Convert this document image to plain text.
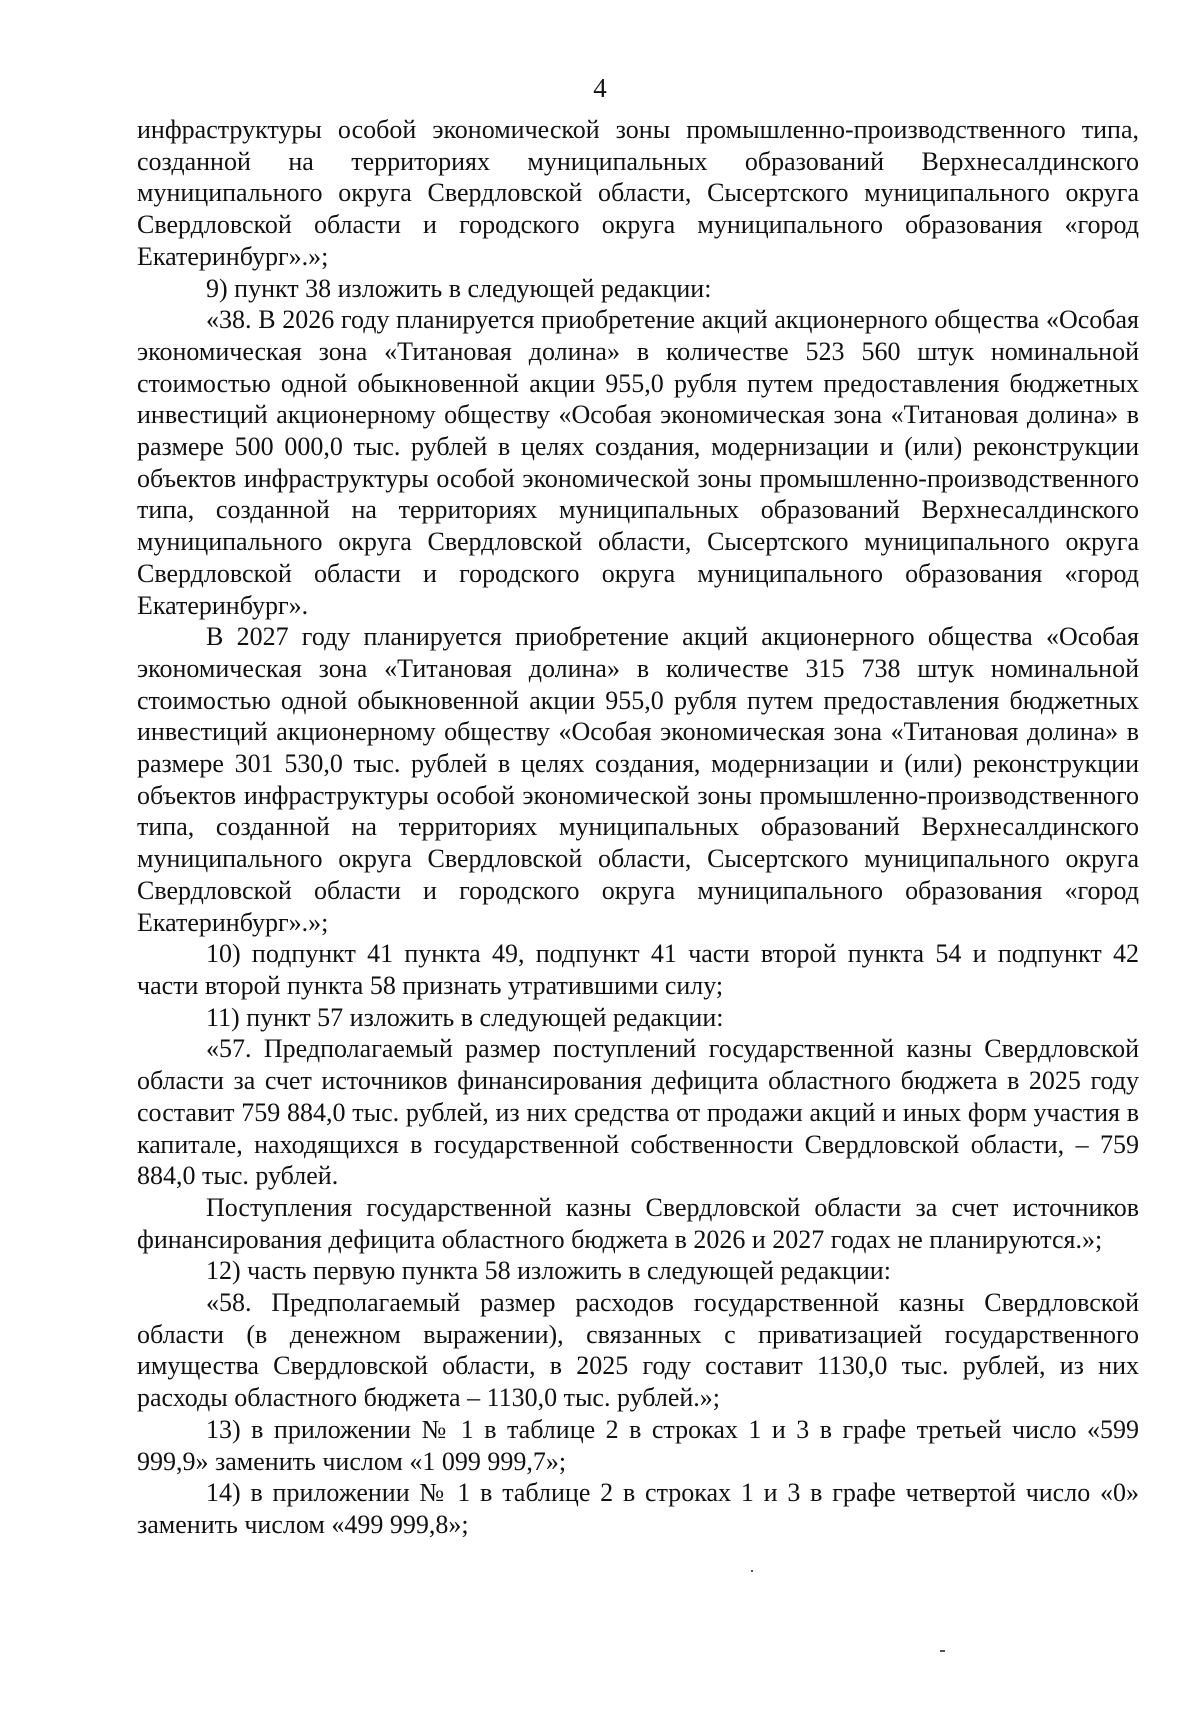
4

инфраструктуры особой экономической зоны промышленно-производственного типа, созданной на территориях муниципальных образований Верхнесалдинского муниципального округа Свердловской области, Сысертского муниципального округа Свердловской области и городского округа муниципального образования «город Екатеринбург».»;

9) пункт 38 изложить в следующей редакции:

«38. В 2026 году планируется приобретение акций акционерного общества «Особая экономическая зона «Титановая долина» в количестве 523 560 штук номинальной стоимостью одной обыкновенной акции 955,0 рубля путем предоставления бюджетных инвестиций акционерному обществу «Особая экономическая зона «Титановая долина» в размере 500 000,0 тыс. рублей в целях создания, модернизации и (или) реконструкции объектов инфраструктуры особой экономической зоны промышленно-производственного типа, созданной на территориях муниципальных образований Верхнесалдинского муниципального округа Свердловской области, Сысертского муниципального округа Свердловской области и городского округа муниципального образования «город Екатеринбург».

В 2027 году планируется приобретение акций акционерного общества «Особая экономическая зона «Титановая долина» в количестве 315 738 штук номинальной стоимостью одной обыкновенной акции 955,0 рубля путем предоставления бюджетных инвестиций акционерному обществу «Особая экономическая зона «Титановая долина» в размере 301 530,0 тыс. рублей в целях создания, модернизации и (или) реконструкции объектов инфраструктуры особой экономической зоны промышленно-производственного типа, созданной на территориях муниципальных образований Верхнесалдинского муниципального округа Свердловской области, Сысертского муниципального округа Свердловской области и городского округа муниципального образования «город Екатеринбург».»;

10) подпункт 41 пункта 49, подпункт 41 части второй пункта 54 и подпункт 42 части второй пункта 58 признать утратившими силу;

11) пункт 57 изложить в следующей редакции:

«57. Предполагаемый размер поступлений государственной казны Свердловской области за счет источников финансирования дефицита областного бюджета в 2025 году составит 759 884,0 тыс. рублей, из них средства от продажи акций и иных форм участия в капитале, находящихся в государственной собственности Свердловской области, – 759 884,0 тыс. рублей.

Поступления государственной казны Свердловской области за счет источников финансирования дефицита областного бюджета в 2026 и 2027 годах не планируются.»;

12) часть первую пункта 58 изложить в следующей редакции:

«58. Предполагаемый размер расходов государственной казны Свердловской области (в денежном выражении), связанных с приватизацией государственного имущества Свердловской области, в 2025 году составит 1130,0 тыс. рублей, из них расходы областного бюджета – 1130,0 тыс. рублей.»;

13) в приложении № 1 в таблице 2 в строках 1 и 3 в графе третьей число «599 999,9» заменить числом «1 099 999,7»;

14) в приложении № 1 в таблице 2 в строках 1 и 3 в графе четвертой число «0» заменить числом «499 999,8»;
